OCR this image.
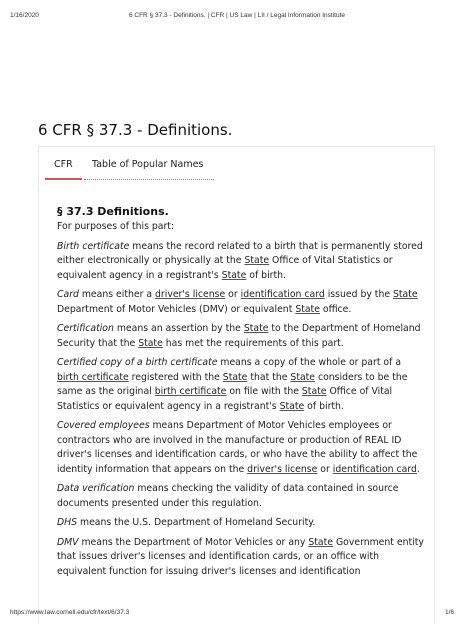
1/16/2020	6 CFR § 37.3 - Definitions. | CFR | US Law | LII / Legal Information Institute
6 CFR § 37.3 - Definitions.
CFR Table of Popular Names
§ 37.3 Definitions.

For purposes of this part:

Birth certificate means the record related to a birth that is permanently stored either electronically or physically at the State Office of Vital Statistics or equivalent agency in a registrant's State of birth.

Card means either a driver's license or identification card issued by the State Department of Motor Vehicles (DMV) or equivalent State office.

Certification means an assertion by the State to the Department of Homeland Security that the State has met the requirements of this part.

Certified copy of a birth certificate means a copy of the whole or part of a birth certificate registered with the State that the State considers to be the same as the original birth certificate on file with the State Office of Vital Statistics or equivalent agency in a registrant's State of birth.

Covered employees means Department of Motor Vehicles employees or contractors who are involved in the manufacture or production of REAL ID driver's licenses and identification cards, or who have the ability to affect the identity information that appears on the driver's license or identification card.

Data verification means checking the validity of data contained in source documents presented under this regulation.

DHS means the U.S. Department of Homeland Security.

DMV means the Department of Motor Vehicles or any State Government entity that issues driver's licenses and identification cards, or an office with equivalent function for issuing driver's licenses and identification

https://www.law.cornell.edu/cfr/text/6/37.3	1/6
